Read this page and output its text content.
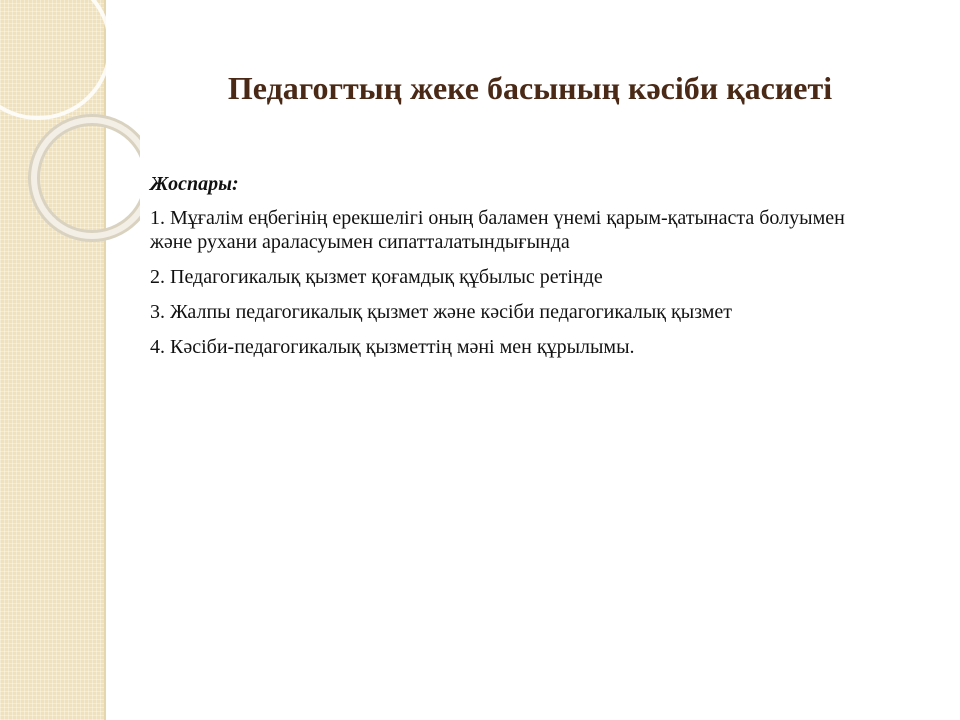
Педагогтың жеке басының кәсіби қасиеті

Жоспары:

1. Мұғалім еңбегінің ерекшелігі оның баламен үнемі қарым-қатынаста болуымен және рухани араласуымен сипатталатындығында
2. Педагогикалық қызмет қоғамдық құбылыс ретінде
3. Жалпы педагогикалық қызмет және кәсіби педагогикалық қызмет
4. Кәсіби-педагогикалық қызметтің мәні мен құрылымы.
